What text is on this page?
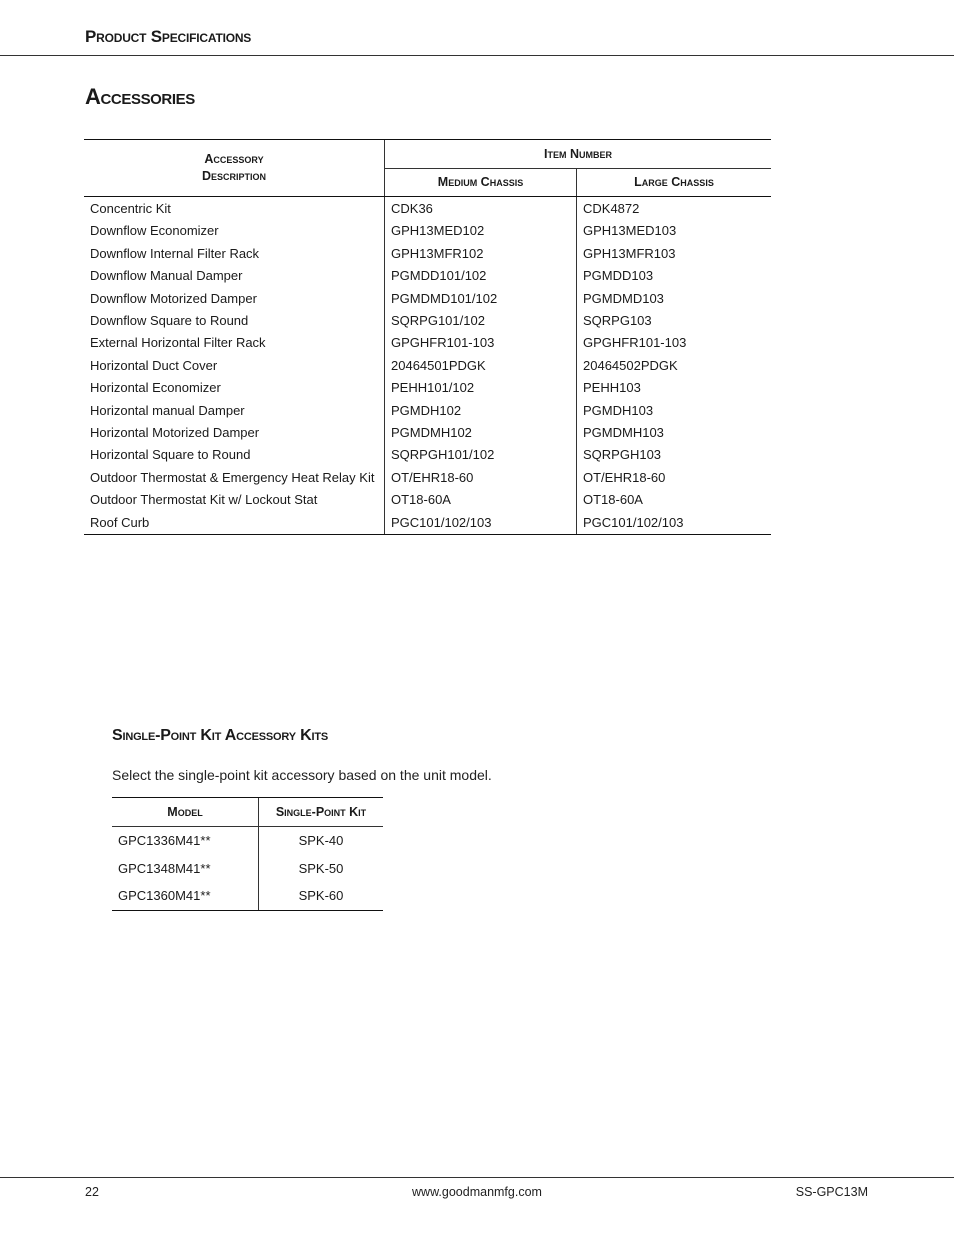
Product Specifications
Accessories
Accessory Description	Item Number	
	Medium Chassis	Large Chassis
Concentric Kit	CDK36	CDK4872
Downflow Economizer	GPH13MED102	GPH13MED103
Downflow Internal Filter Rack	GPH13MFR102	GPH13MFR103
Downflow Manual Damper	PGMDD101/102	PGMDD103
Downflow Motorized Damper	PGMDMD101/102	PGMDMD103
Downflow Square to Round	SQRPG101/102	SQRPG103
External Horizontal Filter Rack	GPGHFR101-103	GPGHFR101-103
Horizontal Duct Cover	20464501PDGK	20464502PDGK
Horizontal Economizer	PEHH101/102	PEHH103
Horizontal manual Damper	PGMDH102	PGMDH103
Horizontal Motorized Damper	PGMDMH102	PGMDMH103
Horizontal Square to Round	SQRPGH101/102	SQRPGH103
Outdoor Thermostat & Emergency Heat Relay Kit	OT/EHR18-60	OT/EHR18-60
Outdoor Thermostat Kit w/ Lockout Stat	OT18-60A	OT18-60A
Roof Curb	PGC101/102/103	PGC101/102/103
Single-Point Kit Accessory Kits
Select the single-point kit accessory based on the unit model.
Model	Single-Point Kit
GPC1336M41**	SPK-40
GPC1348M41**	SPK-50
GPC1360M41**	SPK-60
22	www.goodmanmfg.com	SS-GPC13M
